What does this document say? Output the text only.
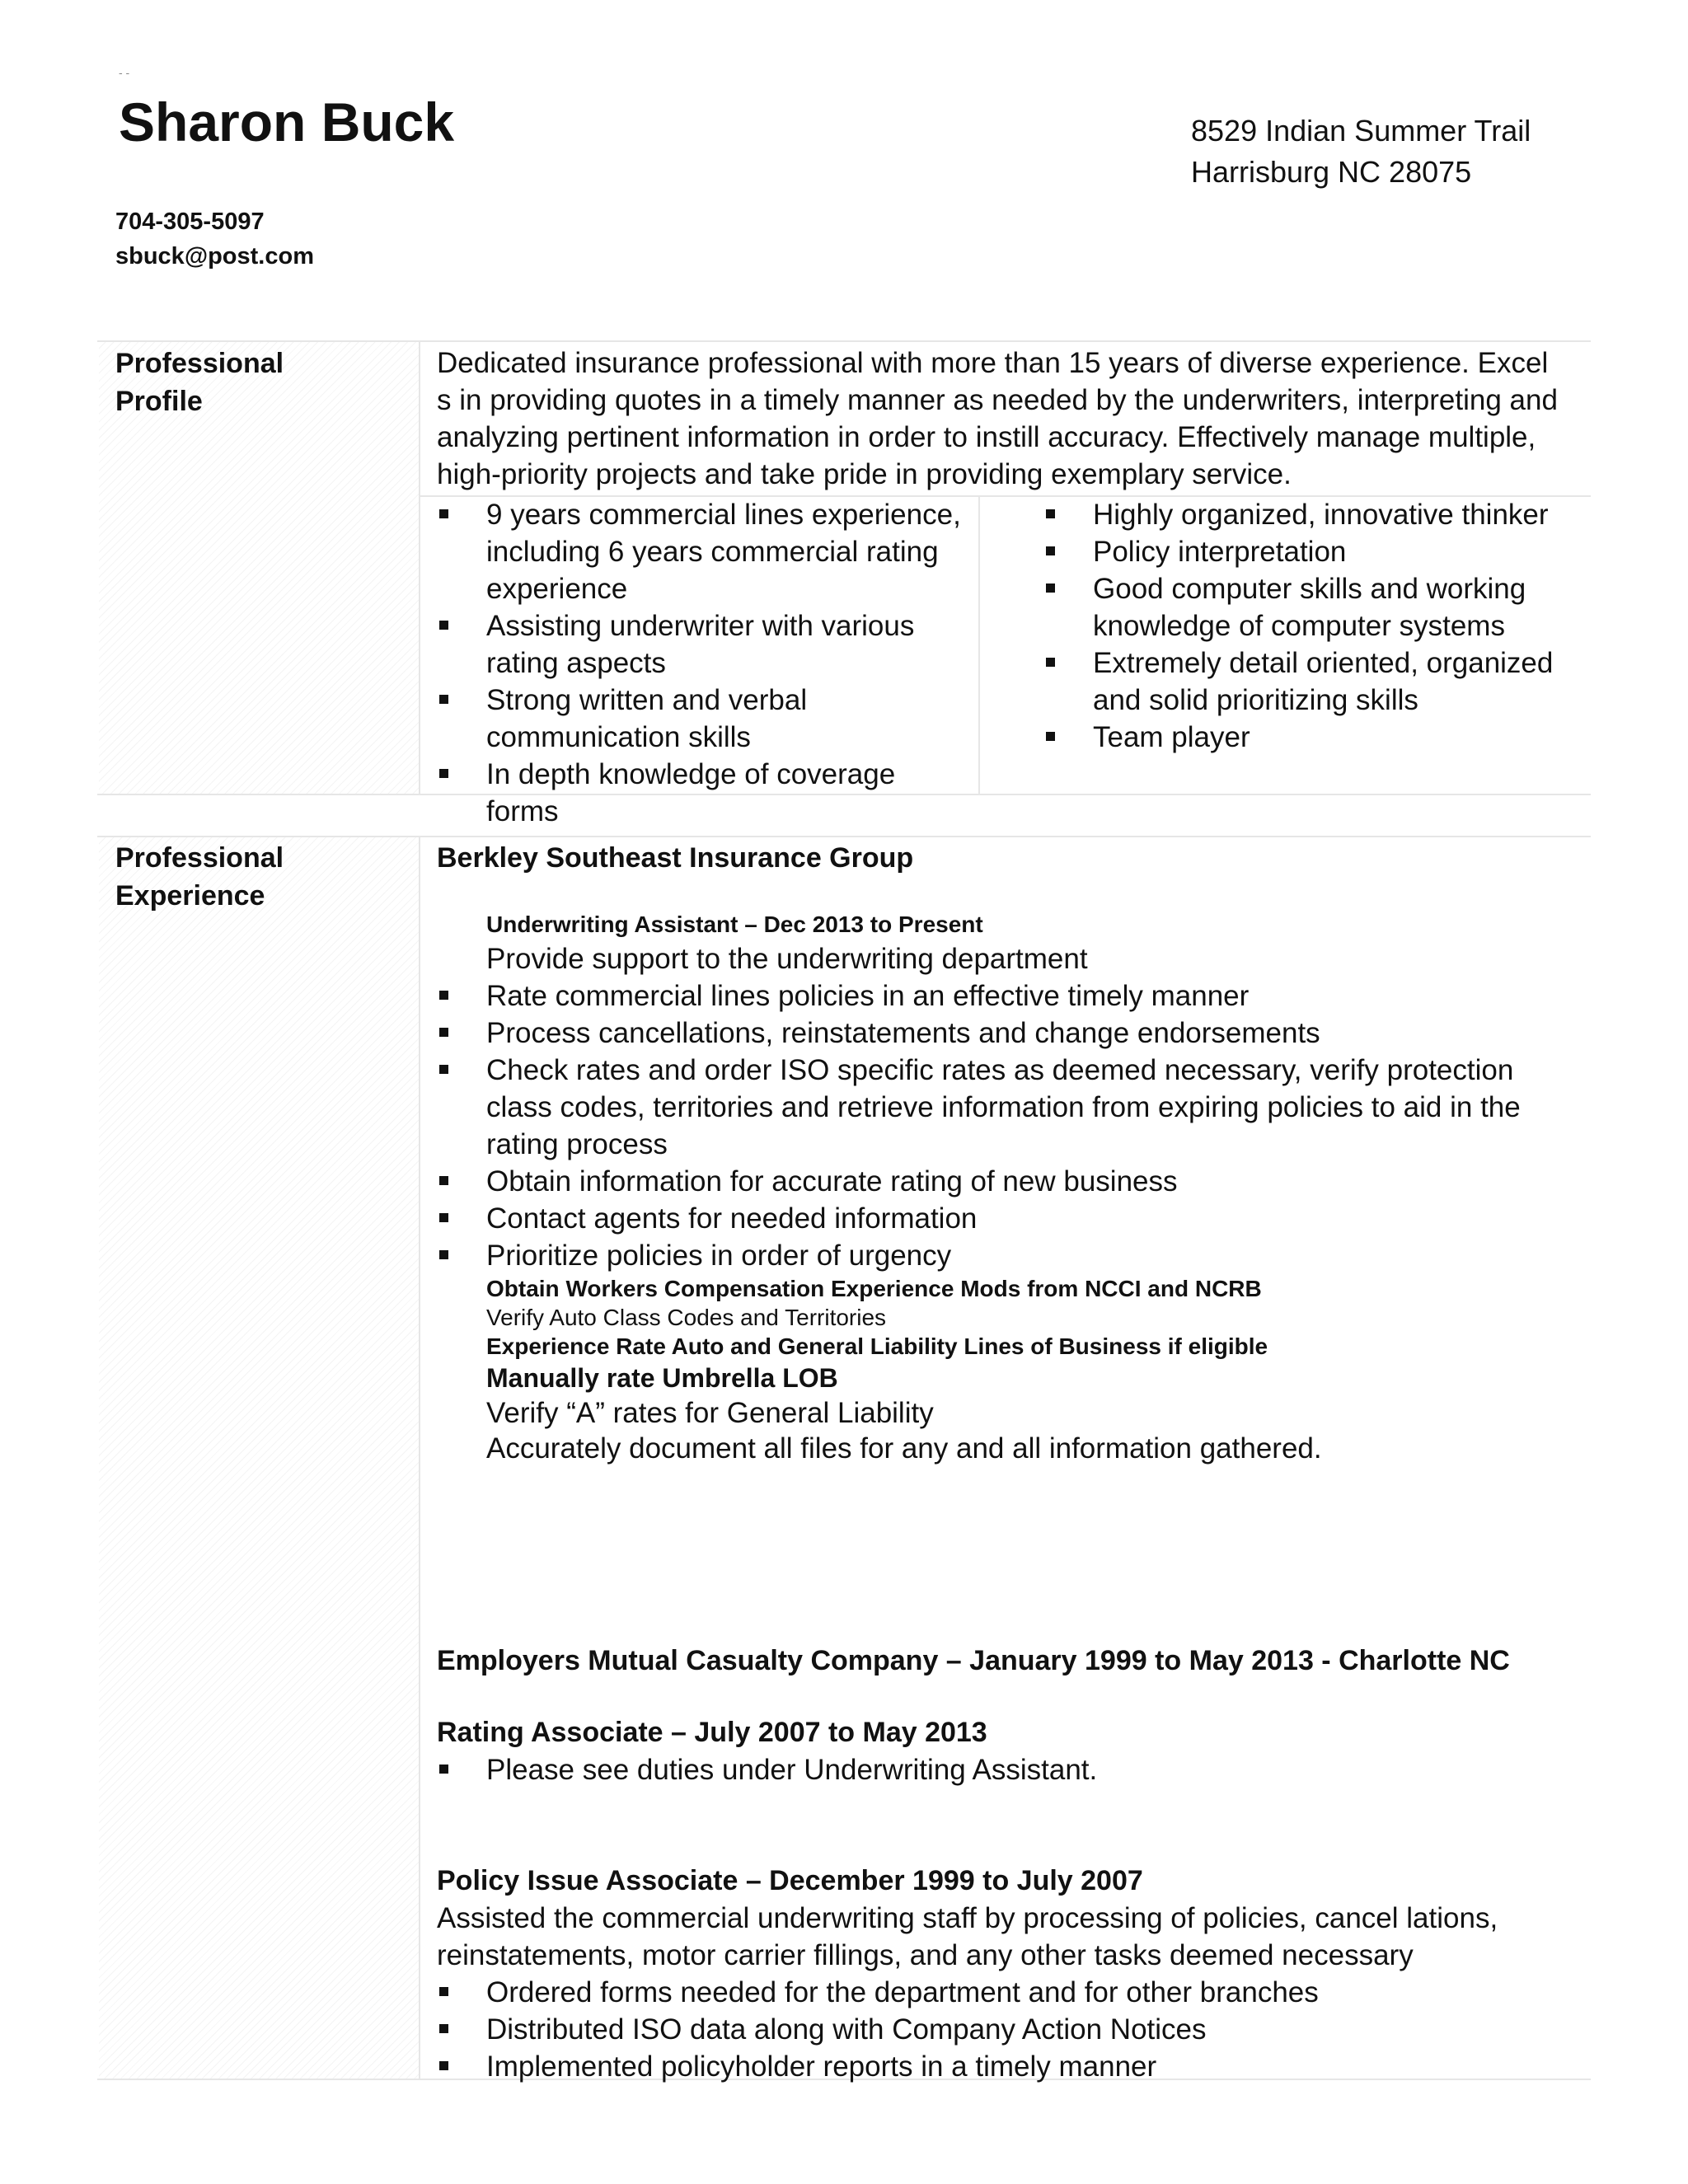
- -
Sharon Buck	8529 Indian Summer Trail
Harrisburg NC 28075
704-305-5097
sbuck@post.com
Professional
Profile
Dedicated insurance professional with more than 15 years of diverse experience. Excel s in providing quotes in a timely manner as needed by the underwriters, interpreting and analyzing pertinent information in order to instill accuracy. Effectively manage multiple, high-priority projects and take pride in providing exemplary service.
9 years commercial lines experience, including 6 years commercial rating experience
Assisting underwriter with various rating aspects
Strong written and verbal communication skills
In depth knowledge of coverage forms
Highly organized, innovative thinker
Policy interpretation
Good computer skills and working knowledge of computer systems
Extremely detail oriented, organized and solid prioritizing skills
Team player
Professional
Experience
Berkley Southeast Insurance Group
Underwriting Assistant – Dec 2013 to Present
Provide support to the underwriting department
Rate commercial lines policies in an effective timely manner
Process cancellations, reinstatements and change endorsements
Check rates and order ISO specific rates as deemed necessary, verify protection class codes, territories and retrieve information from expiring policies to aid in the rating process
Obtain information for accurate rating of new business
Contact agents for needed information
Prioritize policies in order of urgency
Obtain Workers Compensation Experience Mods from NCCI and NCRB
Verify Auto Class Codes and Territories
Experience Rate Auto and General Liability Lines of Business if eligible
Manually rate Umbrella LOB
Verify “A” rates for General Liability
Accurately document all files for any and all information gathered.
Employers Mutual Casualty Company – January 1999 to May 2013 - Charlotte NC
Rating Associate – July 2007 to May 2013
Please see duties under Underwriting Assistant.
Policy Issue Associate – December 1999 to July 2007
Assisted the commercial underwriting staff by processing of policies, cancel lations, reinstatements, motor carrier fillings, and any other tasks deemed necessary
Ordered forms needed for the department and for other branches
Distributed ISO data along with Company Action Notices
Implemented policyholder reports in a timely manner
